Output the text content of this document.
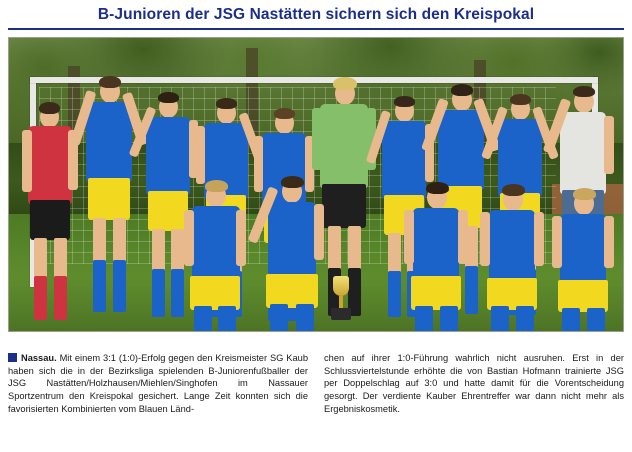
B-Junioren der JSG Nastätten sichern sich den Kreispokal
Nassau. Mit einem 3:1 (1:0)-Erfolg gegen den Kreismeister SG Kaub haben sich die in der Bezirksliga spielenden B-Juniorenfußballer der JSG Nastätten/Holzhausen/Miehlen/Singhofen im Nassauer Sportzentrum den Kreispokal gesichert. Lange Zeit konnten sich die favorisierten Kombinierten vom Blauen Länd-
chen auf ihrer 1:0-Führung wahrlich nicht ausruhen. Erst in der Schlussviertelstunde erhöhte die von Bastian Hofmann trainierte JSG per Doppelschlag auf 3:0 und hatte damit für die Vorentscheidung gesorgt. Der verdiente Kauber Ehrentreffer war dann nicht mehr als Ergebniskosmetik.
